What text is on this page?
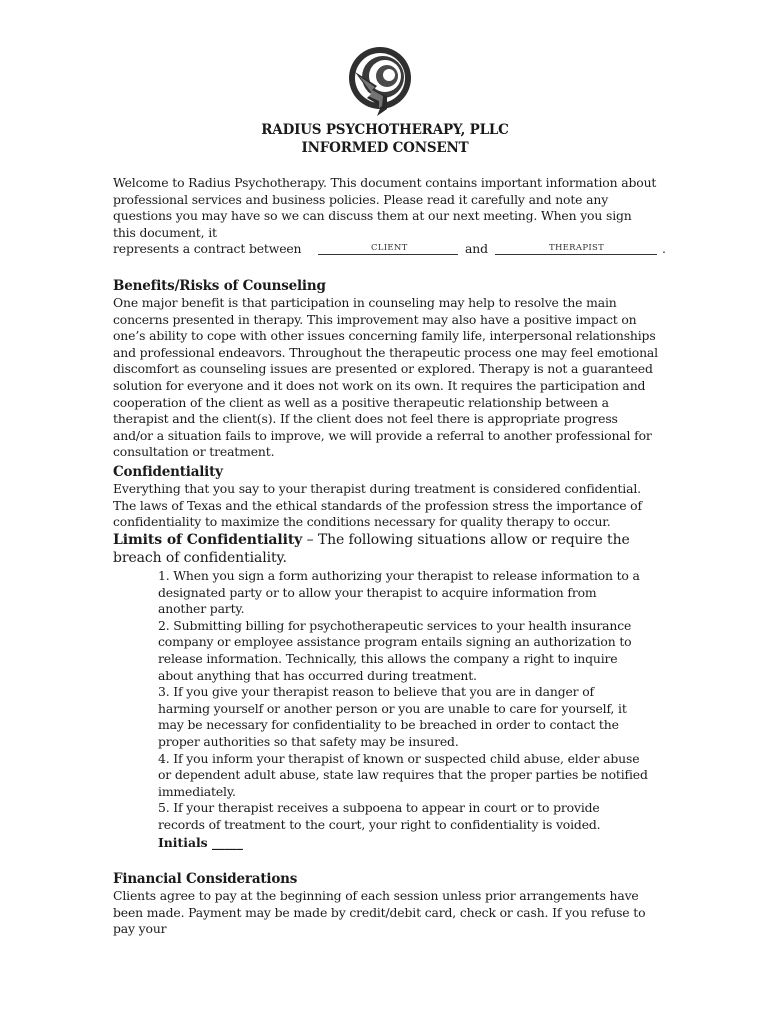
RADIUS PSYCHOTHERAPY, PLLC
INFORMED CONSENT

Welcome to Radius Psychotherapy. This document contains important information about professional services and business policies. Please read it carefully and note any questions you may have so we can discuss them at our next meeting. When you sign this document, it

represents a contract between	and	.
CLIENT	THERAPIST
Benefits/Risks of Counseling

One major benefit is that participation in counseling may help to resolve the main concerns presented in therapy. This improvement may also have a positive impact on one’s ability to cope with other issues concerning family life, interpersonal relationships and professional endeavors. Throughout the therapeutic process one may feel emotional discomfort as counseling issues are presented or explored. Therapy is not a guaranteed solution for everyone and it does not work on its own. It requires the participation and cooperation of the client as well as a positive therapeutic relationship between a therapist and the client(s). If the client does not feel there is appropriate progress and/or a situation fails to improve, we will provide a referral to another professional for consultation or treatment.

Confidentiality

Everything that you say to your therapist during treatment is considered confidential. The laws of Texas and the ethical standards of the profession stress the importance of confidentiality to maximize the conditions necessary for quality therapy to occur.

Limits of Confidentiality – The following situations allow or require the breach of confidentiality.
1. When you sign a form authorizing your therapist to release information to a designated party or to allow your therapist to acquire information from another party.
2. Submitting billing for psychotherapeutic services to your health insurance company or employee assistance program entails signing an authorization to release information. Technically, this allows the company a right to inquire about anything that has occurred during treatment.
3. If you give your therapist reason to believe that you are in danger of harming yourself or another person or you are unable to care for yourself, it may be necessary for confidentiality to be breached in order to contact the proper authorities so that safety may be insured.
4. If you inform your therapist of known or suspected child abuse, elder abuse or dependent adult abuse, state law requires that the proper parties be notified immediately.
5. If your therapist receives a subpoena to appear in court or to provide records of treatment to the court, your right to confidentiality is voided.
Initials _____
Financial Considerations

Clients agree to pay at the beginning of each session unless prior arrangements have been made. Payment may be made by credit/debit card, check or cash. If you refuse to pay your
